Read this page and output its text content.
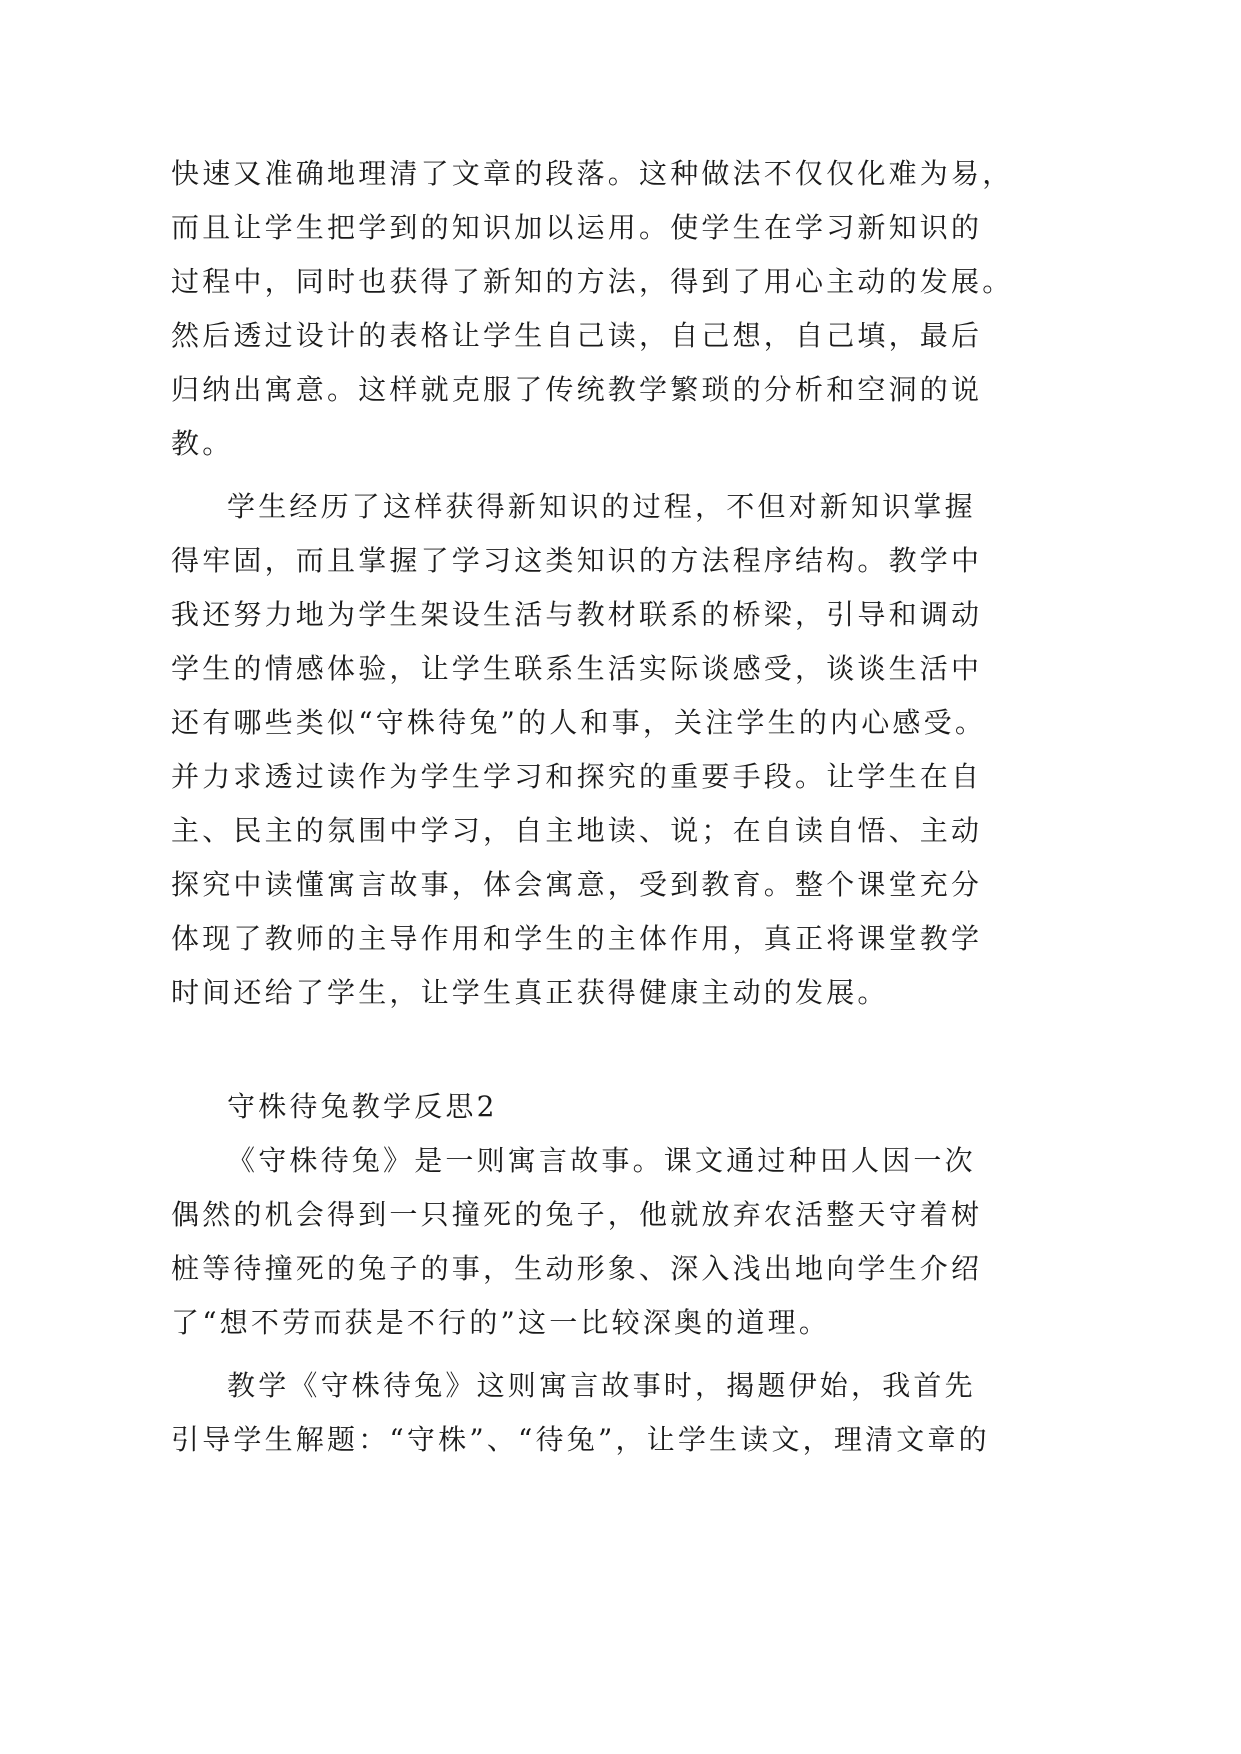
快速又准确地理清了文章的段落。这种做法不仅仅化难为易，
而且让学生把学到的知识加以运用。使学生在学习新知识的
过程中，同时也获得了新知的方法，得到了用心主动的发展。
然后透过设计的表格让学生自己读，自己想，自己填，最后
归纳出寓意。这样就克服了传统教学繁琐的分析和空洞的说
教。
学生经历了这样获得新知识的过程，不但对新知识掌握
得牢固，而且掌握了学习这类知识的方法程序结构。教学中
我还努力地为学生架设生活与教材联系的桥梁，引导和调动
学生的情感体验，让学生联系生活实际谈感受，谈谈生活中
还有哪些类似“守株待兔”的人和事，关注学生的内心感受。
并力求透过读作为学生学习和探究的重要手段。让学生在自
主、民主的氛围中学习，自主地读、说；在自读自悟、主动
探究中读懂寓言故事，体会寓意，受到教育。整个课堂充分
体现了教师的主导作用和学生的主体作用，真正将课堂教学
时间还给了学生，让学生真正获得健康主动的发展。
守株待兔教学反思2
《守株待兔》是一则寓言故事。课文通过种田人因一次
偶然的机会得到一只撞死的兔子，他就放弃农活整天守着树
桩等待撞死的兔子的事，生动形象、深入浅出地向学生介绍
了“想不劳而获是不行的”这一比较深奥的道理。
教学《守株待兔》这则寓言故事时，揭题伊始，我首先
引导学生解题：“守株”、“待兔”，让学生读文，理清文章的
